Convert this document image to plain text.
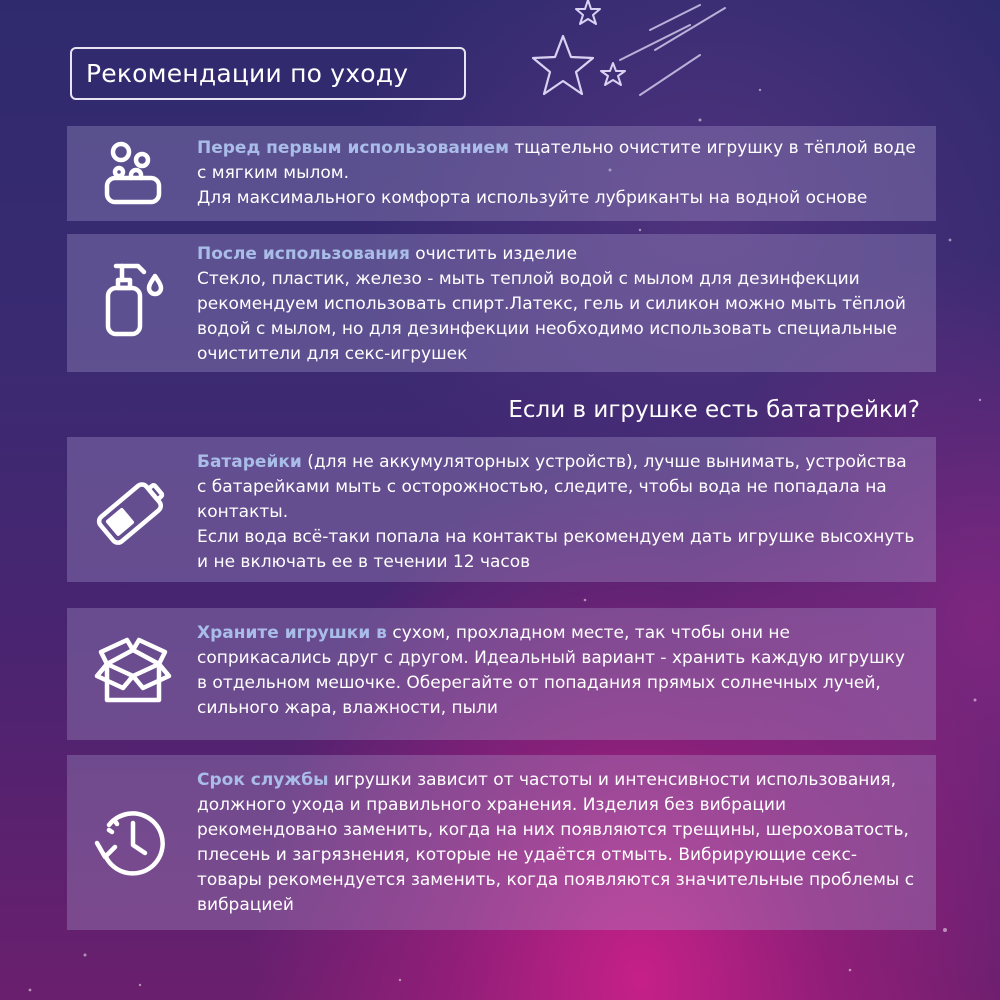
Рекомендации по уходу

Перед первым использованием тщательно очистите игрушку в тёплой воде с мягким мылом.

Для максимального комфорта используйте лубриканты на водной основе

После использования очистить изделие

Стекло, пластик, железо - мыть теплой водой с мылом для дезинфекции рекомендуем использовать спирт.Латекс, гель и силикон можно мыть тёплой водой с мылом, но для дезинфекции необходимо использовать специальные очистители для секс-игрушек

Если в игрушке есть бататрейки?

Батарейки (для не аккумуляторных устройств), лучше вынимать, устройства с батарейками мыть с осторожностью, следите, чтобы вода не попадала на контакты.

Если вода всё-таки попала на контакты рекомендуем дать игрушке высохнуть и не включать ее в течении 12 часов

Храните игрушки в сухом, прохладном месте, так чтобы они не соприкасались друг с другом. Идеальный вариант - хранить каждую игрушку в отдельном мешочке. Оберегайте от попадания прямых солнечных лучей, сильного жара, влажности, пыли

Срок службы игрушки зависит от частоты и интенсивности использования, должного ухода и правильного хранения. Изделия без вибрации рекомендовано заменить, когда на них появляются трещины, шероховатость, плесень и загрязнения, которые не удаётся отмыть. Вибрирующие секс-товары рекомендуется заменить, когда появляются значительные проблемы с вибрацией
